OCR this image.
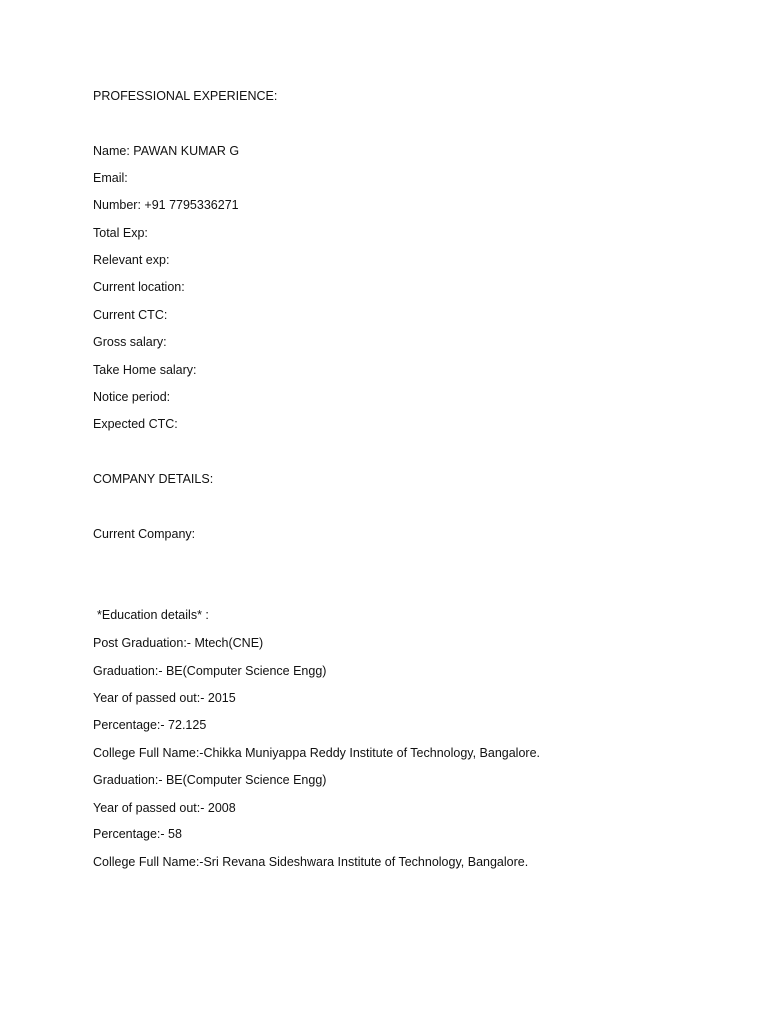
PROFESSIONAL EXPERIENCE:
Name: PAWAN KUMAR G
Email:
Number: +91 7795336271
Total Exp:
Relevant exp:
Current location:
Current CTC:
Gross salary:
Take Home salary:
Notice period:
Expected CTC:
COMPANY DETAILS:
Current Company:
*Education details* :
Post Graduation:- Mtech(CNE)
Graduation:- BE(Computer Science Engg)
Year of passed out:- 2015
Percentage:- 72.125
College Full Name:-Chikka Muniyappa Reddy Institute of Technology, Bangalore.
Graduation:- BE(Computer Science Engg)
Year of passed out:- 2008
Percentage:- 58
College Full Name:-Sri Revana Sideshwara Institute of Technology, Bangalore.
